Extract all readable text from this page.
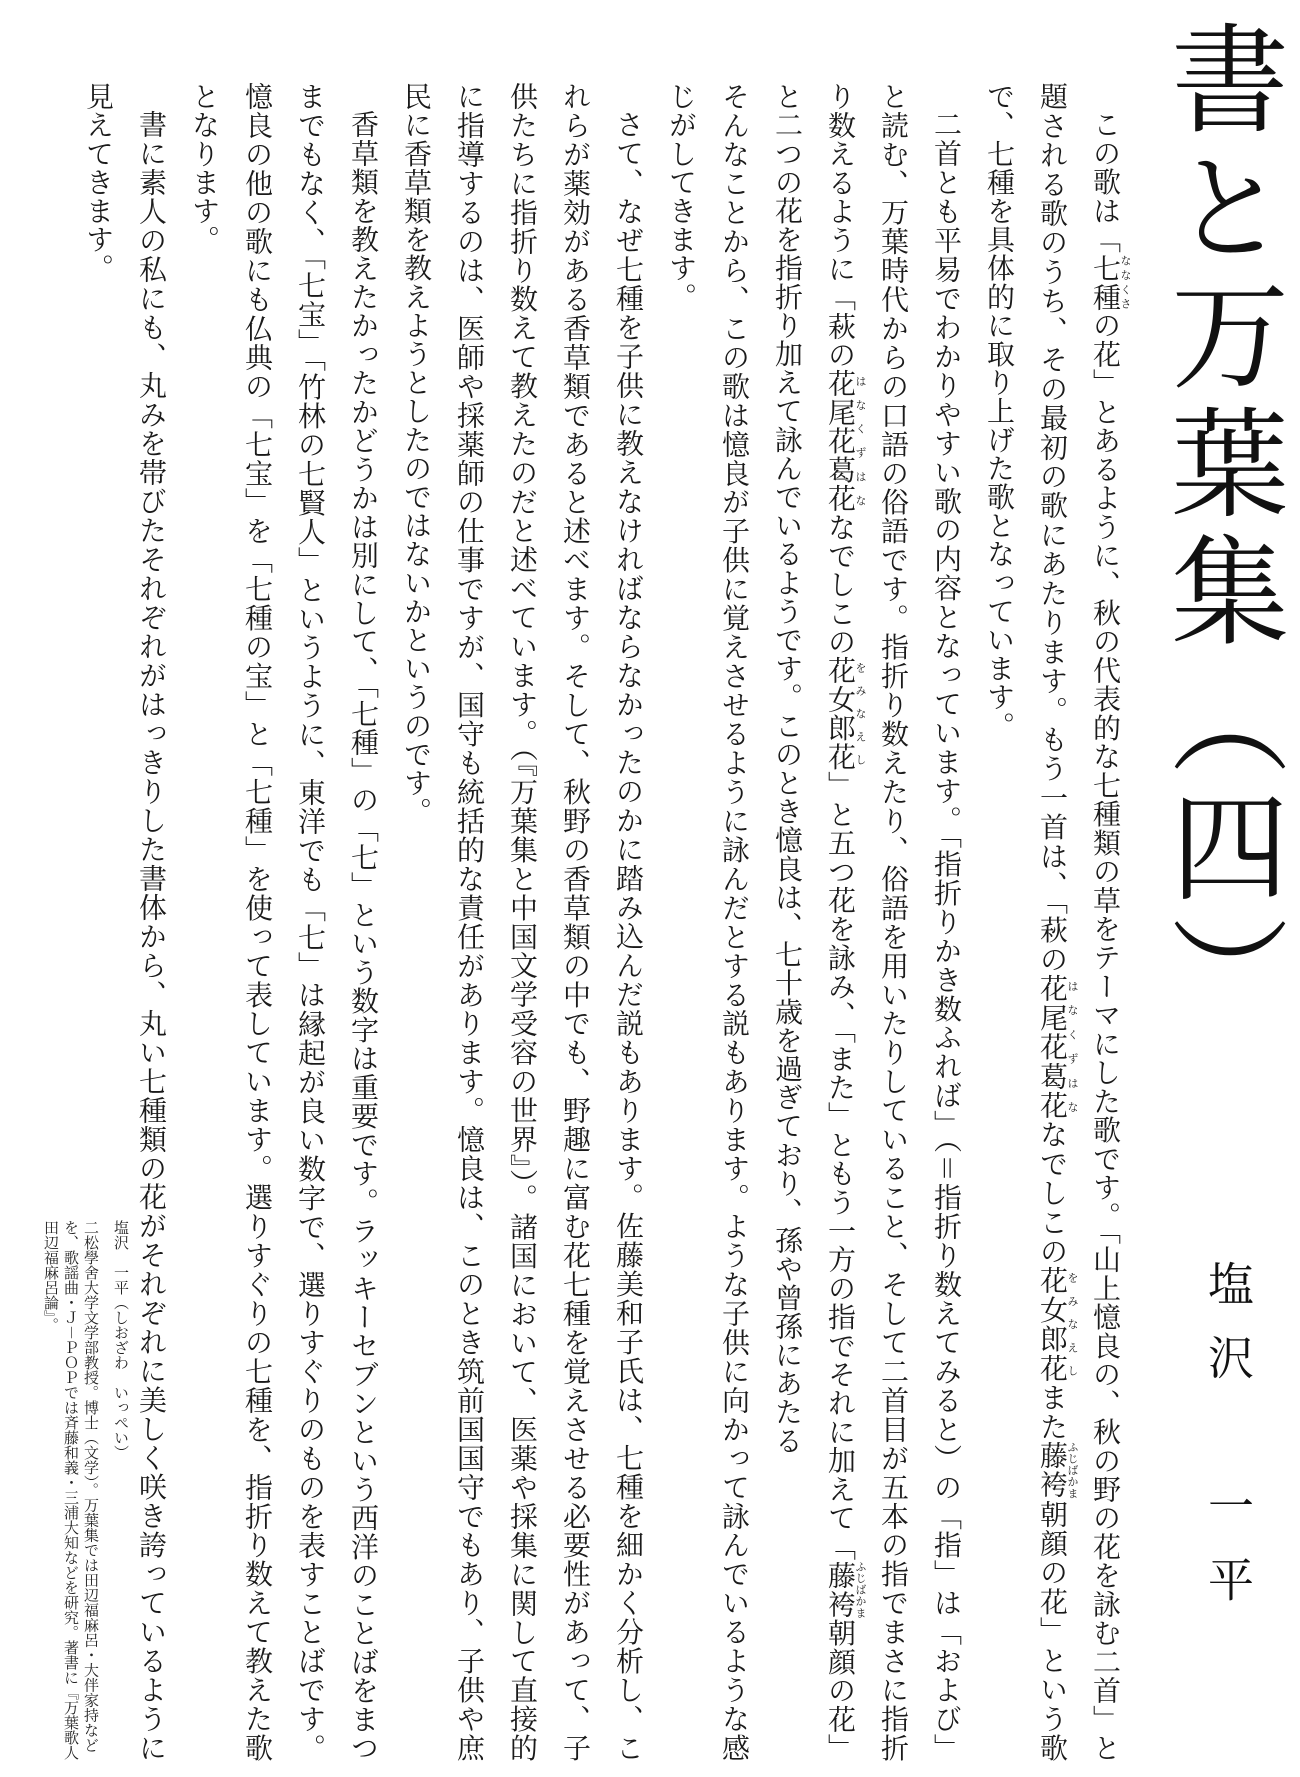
書と万葉集（四）
塩沢　一平

この歌は「七種ななくさの花」とあるように、秋の代表的な七種類の草をテーマにした歌です。「山上憶良の、秋の野の花を詠む二首」と題される歌のうち、その最初の歌にあたります。もう一首は、「萩の花尾花葛花はなくずはななでしこの花女郎花をみなえしまた藤袴ふじばかま朝顔の花」という歌で、七種を具体的に取り上げた歌となっています。

二首とも平易でわかりやすい歌の内容となっています。「指折りかき数ふれば」（＝指折り数えてみると）の「指」は「および」と読む、万葉時代からの口語の俗語です。指折り数えたり、俗語を用いたりしていること、そして二首目が五本の指でまさに指折り数えるように「萩の花尾花葛花はなくずはななでしこの花女郎花をみなえし」と五つ花を詠み、「また」ともう一方の指でそれに加えて「藤袴ふじばかま朝顔の花」と二つの花を指折り加えて詠んでいるようです。このとき憶良は、七十歳を過ぎており、孫や曾孫にあたる

そんなことから、この歌は憶良が子供に覚えさせるように詠んだとする説もあります。ような子供に向かって詠んでいるような感じがしてきます。

さて、なぜ七種を子供に教えなければならなかったのかに踏み込んだ説もあります。佐藤美和子氏は、七種を細かく分析し、これらが薬効がある香草類であると述べます。そして、秋野の香草類の中でも、野趣に富む花七種を覚えさせる必要性があって、子供たちに指折り数えて教えたのだと述べています。（『万葉集と中国文学受容の世界』）。諸国において、医薬や採集に関して直接的に指導するのは、医師や採薬師の仕事ですが、国守も統括的な責任があります。憶良は、このとき筑前国国守でもあり、子供や庶民に香草類を教えようとしたのではないかというのです。

香草類を教えたかったかどうかは別にして、「七種」の「七」という数字は重要です。ラッキーセブンという西洋のことばをまつまでもなく、「七宝」「竹林の七賢人」というように、東洋でも「七」は縁起が良い数字で、選りすぐりのものを表すことばです。憶良の他の歌にも仏典の「七宝」を「七種の宝」と「七種」を使って表しています。選りすぐりの七種を、指折り数えて教えた歌となります。

書に素人の私にも、丸みを帯びたそれぞれがはっきりした書体から、丸い七種類の花がそれぞれに美しく咲き誇っているように見えてきます。

塩沢　一平（しおざわ　いっぺい）

二松學舍大学文学部教授。博士（文学）。万葉集では田辺福麻呂・大伴家持などを、歌謡曲・Ｊ－ＰＯＰでは斉藤和義・三浦大知などを研究。著書に『万葉歌人田辺福麻呂論』。
